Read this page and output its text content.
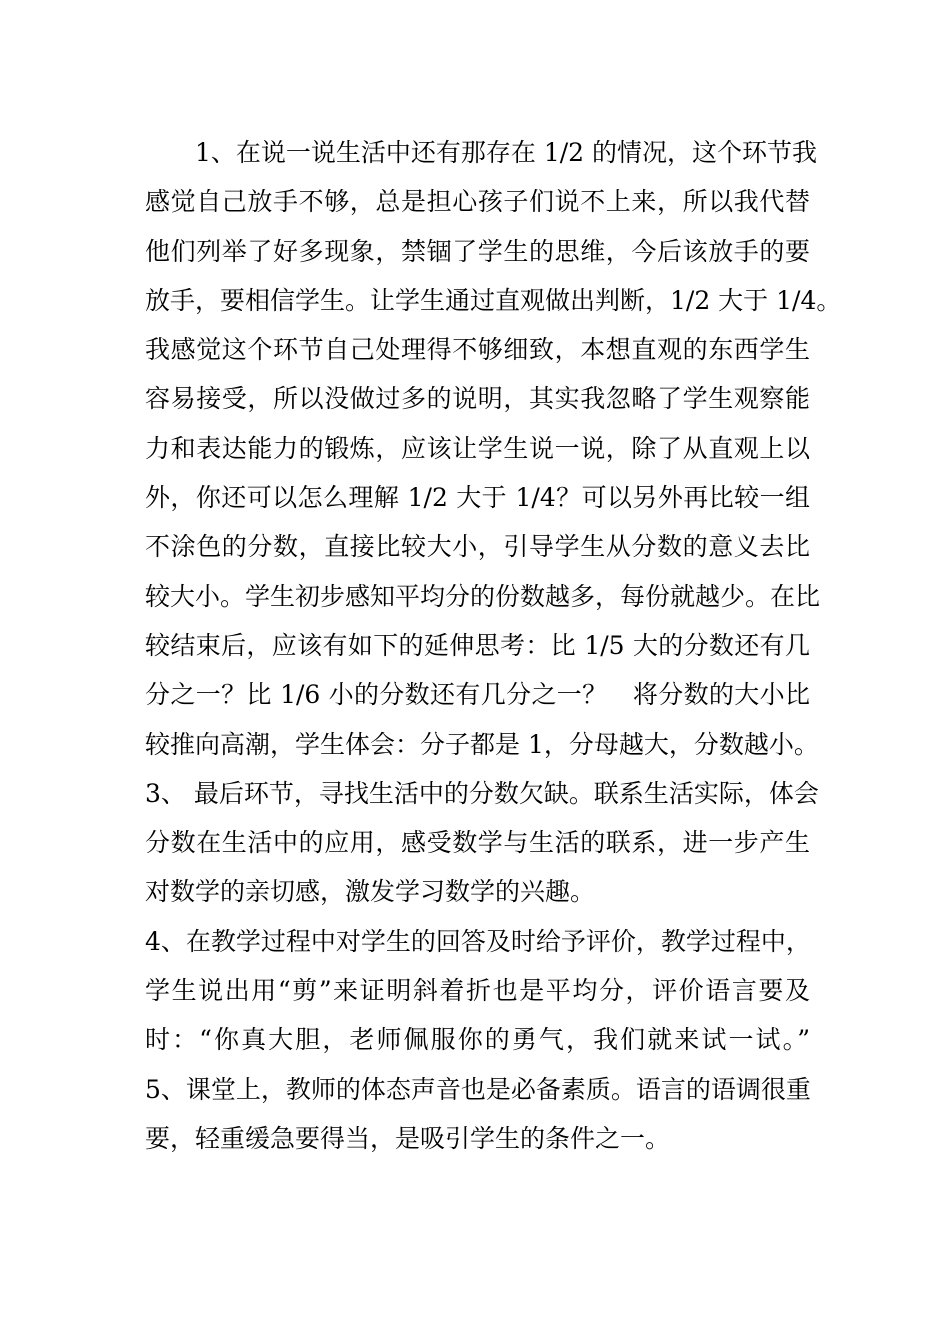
1、在说一说生活中还有那存在 1/2 的情况，这个环节我
感觉自己放手不够，总是担心孩子们说不上来，所以我代替
他们列举了好多现象，禁锢了学生的思维，今后该放手的要
放手，要相信学生。让学生通过直观做出判断，1/2 大于 1/4。
我感觉这个环节自己处理得不够细致，本想直观的东西学生
容易接受，所以没做过多的说明，其实我忽略了学生观察能
力和表达能力的锻炼，应该让学生说一说，除了从直观上以
外，你还可以怎么理解 1/2 大于 1/4？可以另外再比较一组
不涂色的分数，直接比较大小，引导学生从分数的意义去比
较大小。学生初步感知平均分的份数越多，每份就越少。在比
较结束后，应该有如下的延伸思考：比 1/5 大的分数还有几
分之一？比 1/6 小的分数还有几分之一？　将分数的大小比
较推向高潮，学生体会：分子都是 1，分母越大，分数越小。
3、 最后环节，寻找生活中的分数欠缺。联系生活实际，体会
分数在生活中的应用，感受数学与生活的联系，进一步产生
对数学的亲切感，激发学习数学的兴趣。
4、在教学过程中对学生的回答及时给予评价，教学过程中，
学生说出用“剪”来证明斜着折也是平均分，评价语言要及
时：“你真大胆，老师佩服你的勇气，我们就来试一试。”
5、课堂上，教师的体态声音也是必备素质。语言的语调很重
要，轻重缓急要得当，是吸引学生的条件之一。
